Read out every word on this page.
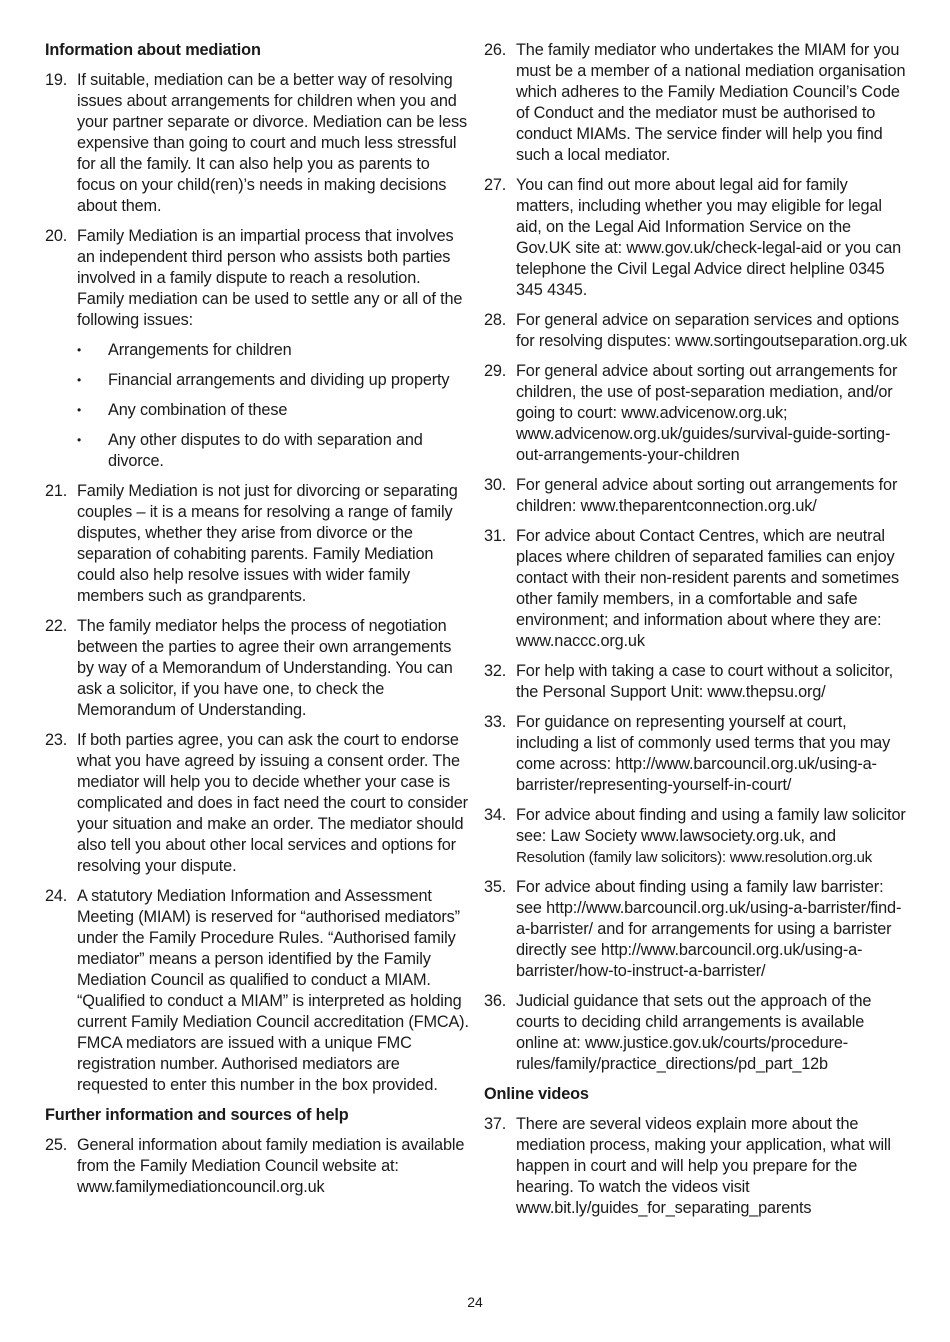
Information about mediation
19. If suitable, mediation can be a better way of resolving issues about arrangements for children when you and your partner separate or divorce. Mediation can be less expensive than going to court and much less stressful for all the family. It can also help you as parents to focus on your child(ren)’s needs in making decisions about them.
20. Family Mediation is an impartial process that involves an independent third person who assists both parties involved in a family dispute to reach a resolution. Family mediation can be used to settle any or all of the following issues:
•	Arrangements for children
•	Financial arrangements and dividing up property
•	Any combination of these
•	Any other disputes to do with separation and divorce.
21. Family Mediation is not just for divorcing or separating couples – it is a means for resolving a range of family disputes, whether they arise from divorce or the separation of cohabiting parents. Family Mediation could also help resolve issues with wider family members such as grandparents.
22. The family mediator helps the process of negotiation between the parties to agree their own arrangements by way of a Memorandum of Understanding. You can ask a solicitor, if you have one, to check the Memorandum of Understanding.
23. If both parties agree, you can ask the court to endorse what you have agreed by issuing a consent order. The mediator will help you to decide whether your case is complicated and does in fact need the court to consider your situation and make an order. The mediator should also tell you about other local services and options for resolving your dispute.
24. A statutory Mediation Information and Assessment Meeting (MIAM) is reserved for “authorised mediators” under the Family Procedure Rules. “Authorised family mediator” means a person identified by the Family Mediation Council as qualified to conduct a MIAM. “Qualified to conduct a MIAM” is interpreted as holding current Family Mediation Council accreditation (FMCA). FMCA mediators are issued with a unique FMC registration number. Authorised mediators are requested to enter this number in the box provided.
Further information and sources of help
25. General information about family mediation is available from the Family Mediation Council website at: www.familymediationcouncil.org.uk
26. The family mediator who undertakes the MIAM for you must be a member of a national mediation organisation which adheres to the Family Mediation Council’s Code of Conduct and the mediator must be authorised to conduct MIAMs. The service finder will help you find such a local mediator.
27. You can find out more about legal aid for family matters, including whether you may eligible for legal aid, on the Legal Aid Information Service on the Gov.UK site at: www.gov.uk/check-legal-aid or you can telephone the Civil Legal Advice direct helpline 0345 345 4345.
28. For general advice on separation services and options for resolving disputes: www.sortingoutseparation.org.uk
29. For general advice about sorting out arrangements for children, the use of post-separation mediation, and/or going to court: www.advicenow.org.uk; www.advicenow.org.uk/guides/survival-guide-sorting-out-arrangements-your-children
30. For general advice about sorting out arrangements for children: www.theparentconnection.org.uk/
31. For advice about Contact Centres, which are neutral places where children of separated families can enjoy contact with their non-resident parents and sometimes other family members, in a comfortable and safe environment; and information about where they are: www.naccc.org.uk
32. For help with taking a case to court without a solicitor, the Personal Support Unit: www.thepsu.org/
33. For guidance on representing yourself at court, including a list of commonly used terms that you may come across: http://www.barcouncil.org.uk/using-a-barrister/representing-yourself-in-court/
34. For advice about finding and using a family law solicitor see: Law Society www.lawsociety.org.uk, and Resolution (family law solicitors): www.resolution.org.uk
35. For advice about finding using a family law barrister: see http://www.barcouncil.org.uk/using-a-barrister/find-a-barrister/ and for arrangements for using a barrister directly see http://www.barcouncil.org.uk/using-a-barrister/how-to-instruct-a-barrister/
36. Judicial guidance that sets out the approach of the courts to deciding child arrangements is available online at: www.justice.gov.uk/courts/procedure-rules/family/practice_directions/pd_part_12b
Online videos
37. There are several videos explain more about the mediation process, making your application, what will happen in court and will help you prepare for the hearing. To watch the videos visit www.bit.ly/guides_for_separating_parents
24
